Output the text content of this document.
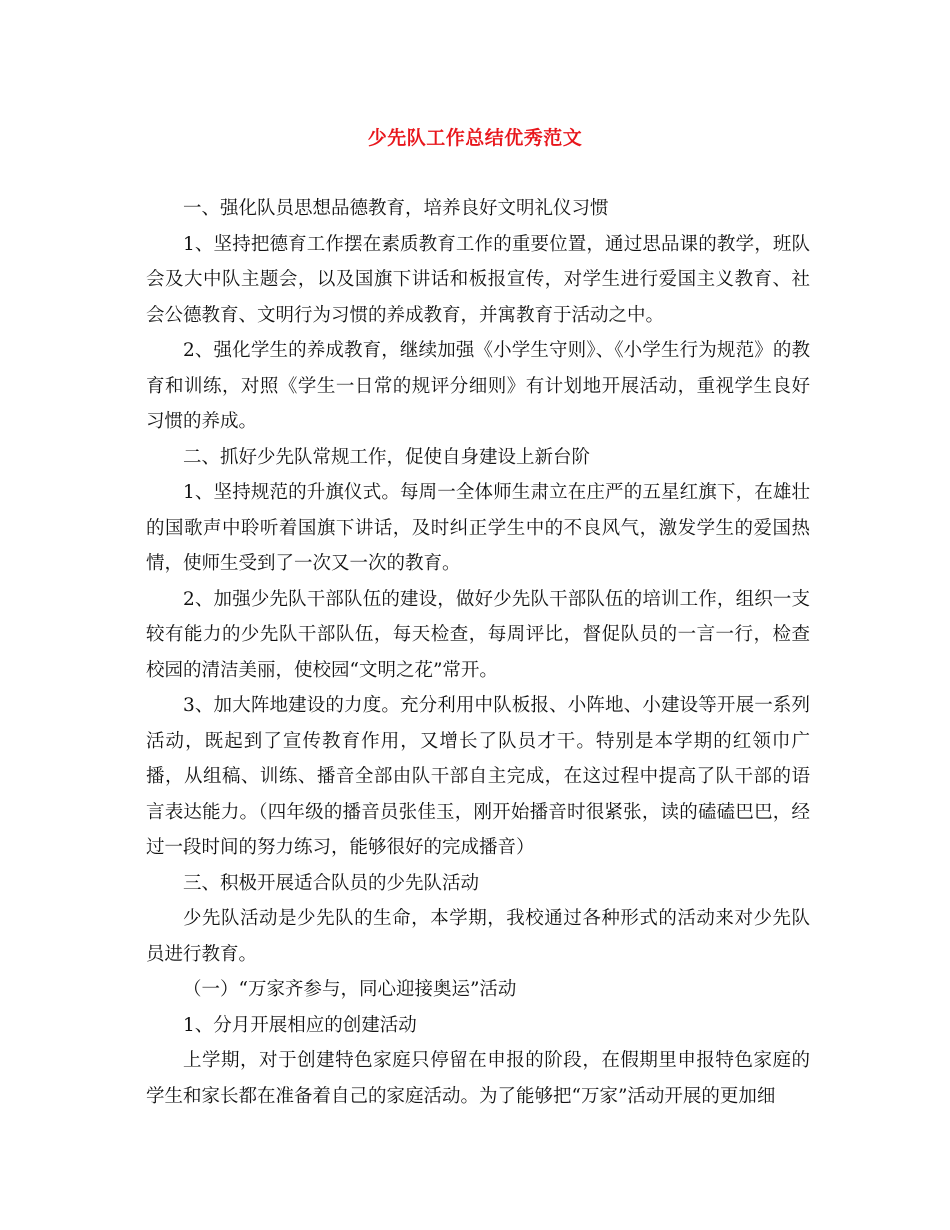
少先队工作总结优秀范文

一、强化队员思想品德教育，培养良好文明礼仪习惯

1、坚持把德育工作摆在素质教育工作的重要位置，通过思品课的教学，班队会及大中队主题会，以及国旗下讲话和板报宣传，对学生进行爱国主义教育、社会公德教育、文明行为习惯的养成教育，并寓教育于活动之中。

2、强化学生的养成教育，继续加强《小学生守则》、《小学生行为规范》的教育和训练，对照《学生一日常的规评分细则》有计划地开展活动，重视学生良好习惯的养成。

二、抓好少先队常规工作，促使自身建设上新台阶

1、坚持规范的升旗仪式。每周一全体师生肃立在庄严的五星红旗下，在雄壮的国歌声中聆听着国旗下讲话，及时纠正学生中的不良风气，激发学生的爱国热情，使师生受到了一次又一次的教育。

2、加强少先队干部队伍的建设，做好少先队干部队伍的培训工作，组织一支较有能力的少先队干部队伍，每天检查，每周评比，督促队员的一言一行，检查校园的清洁美丽，使校园“文明之花”常开。

3、加大阵地建设的力度。充分利用中队板报、小阵地、小建设等开展一系列活动，既起到了宣传教育作用，又增长了队员才干。特别是本学期的红领巾广播，从组稿、训练、播音全部由队干部自主完成，在这过程中提高了队干部的语言表达能力。（四年级的播音员张佳玉，刚开始播音时很紧张，读的磕磕巴巴，经过一段时间的努力练习，能够很好的完成播音）

三、积极开展适合队员的少先队活动

少先队活动是少先队的生命，本学期，我校通过各种形式的活动来对少先队员进行教育。

（一）“万家齐参与，同心迎接奥运”活动

1、分月开展相应的创建活动

上学期，对于创建特色家庭只停留在申报的阶段，在假期里申报特色家庭的学生和家长都在准备着自己的家庭活动。为了能够把“万家”活动开展的更加细
